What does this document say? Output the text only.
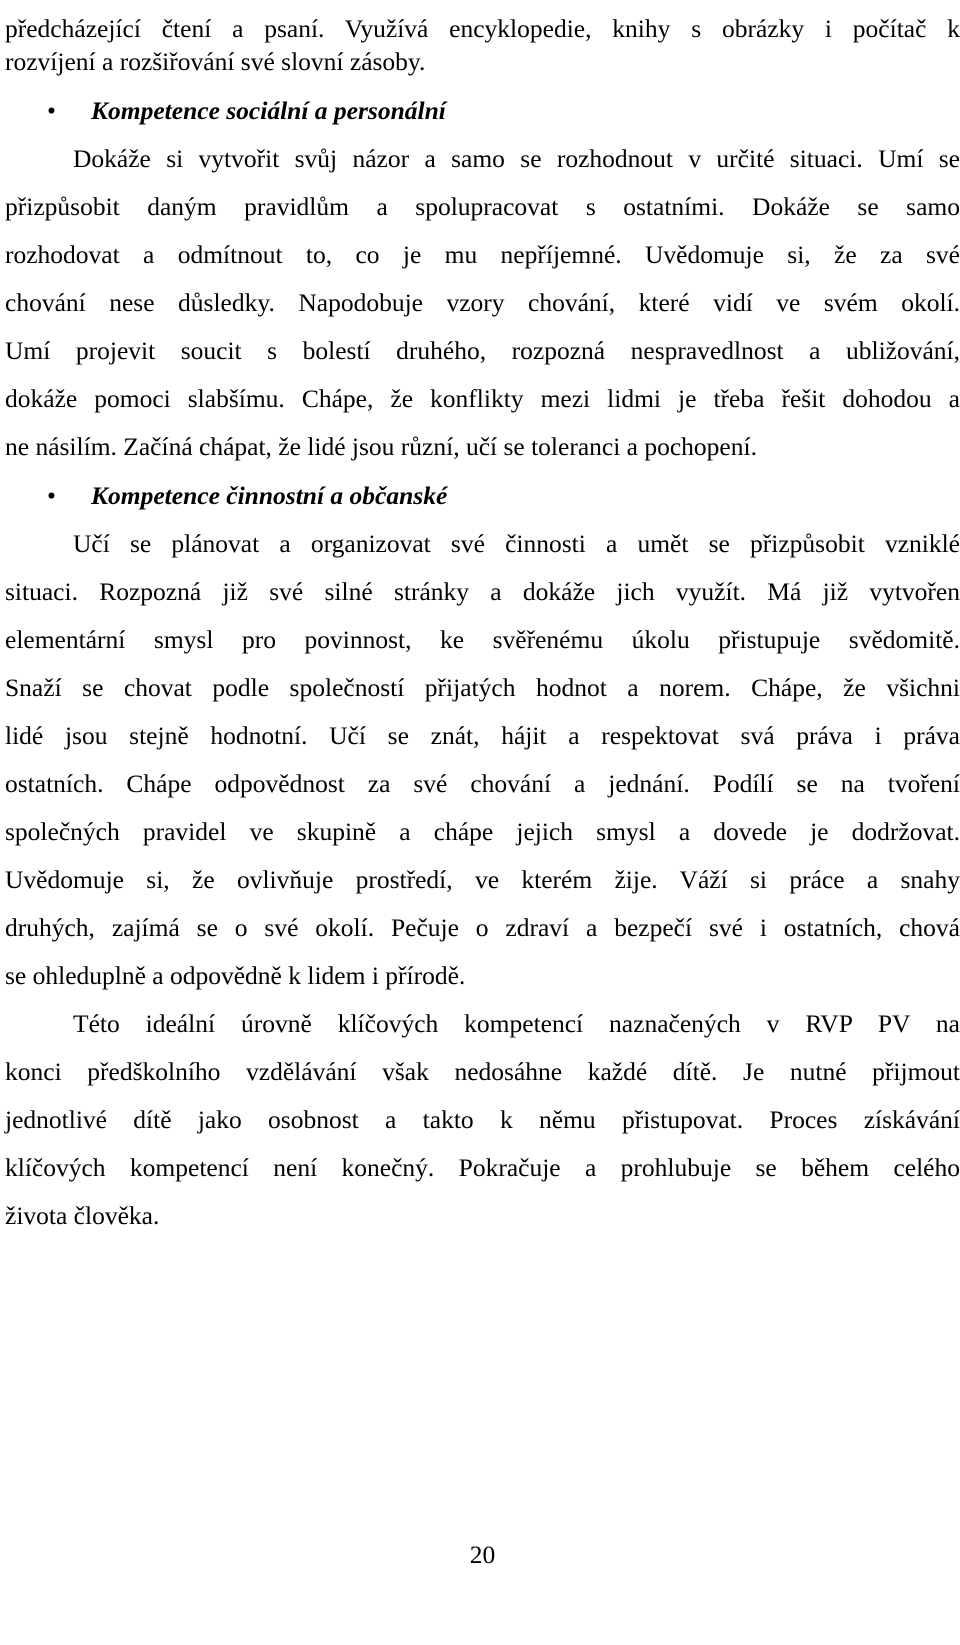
předcházející čtení a psaní. Využívá encyklopedie, knihy s obrázky i počítač k
rozvíjení a rozšiřování své slovní zásoby.
• Kompetence sociální a personální
Dokáže si vytvořit svůj názor a samo se rozhodnout v určité situaci. Umí se
přizpůsobit daným pravidlům a spolupracovat s ostatními. Dokáže se samo
rozhodovat a odmítnout to, co je mu nepříjemné. Uvědomuje si, že za své
chování nese důsledky. Napodobuje vzory chování, které vidí ve svém okolí.
Umí projevit soucit s bolestí druhého, rozpozná nespravedlnost a ubližování,
dokáže pomoci slabšímu. Chápe, že konflikty mezi lidmi je třeba řešit dohodou a
ne násilím. Začíná chápat, že lidé jsou různí, učí se toleranci a pochopení.
• Kompetence činnostní a občanské
Učí se plánovat a organizovat své činnosti a umět se přizpůsobit vzniklé
situaci. Rozpozná již své silné stránky a dokáže jich využít. Má již vytvořen
elementární smysl pro povinnost, ke svěřenému úkolu přistupuje svědomitě.
Snaží se chovat podle společností přijatých hodnot a norem. Chápe, že všichni
lidé jsou stejně hodnotní. Učí se znát, hájit a respektovat svá práva i práva
ostatních. Chápe odpovědnost za své chování a jednání. Podílí se na tvoření
společných pravidel ve skupině a chápe jejich smysl a dovede je dodržovat.
Uvědomuje si, že ovlivňuje prostředí, ve kterém žije. Váží si práce a snahy
druhých, zajímá se o své okolí. Pečuje o zdraví a bezpečí své i ostatních, chová
se ohleduplně a odpovědně k lidem i přírodě.
Této ideální úrovně klíčových kompetencí naznačených v RVP PV na
konci předškolního vzdělávání však nedosáhne každé dítě. Je nutné přijmout
jednotlivé dítě jako osobnost a takto k němu přistupovat. Proces získávání
klíčových kompetencí není konečný. Pokračuje a prohlubuje se během celého
života člověka.
20
